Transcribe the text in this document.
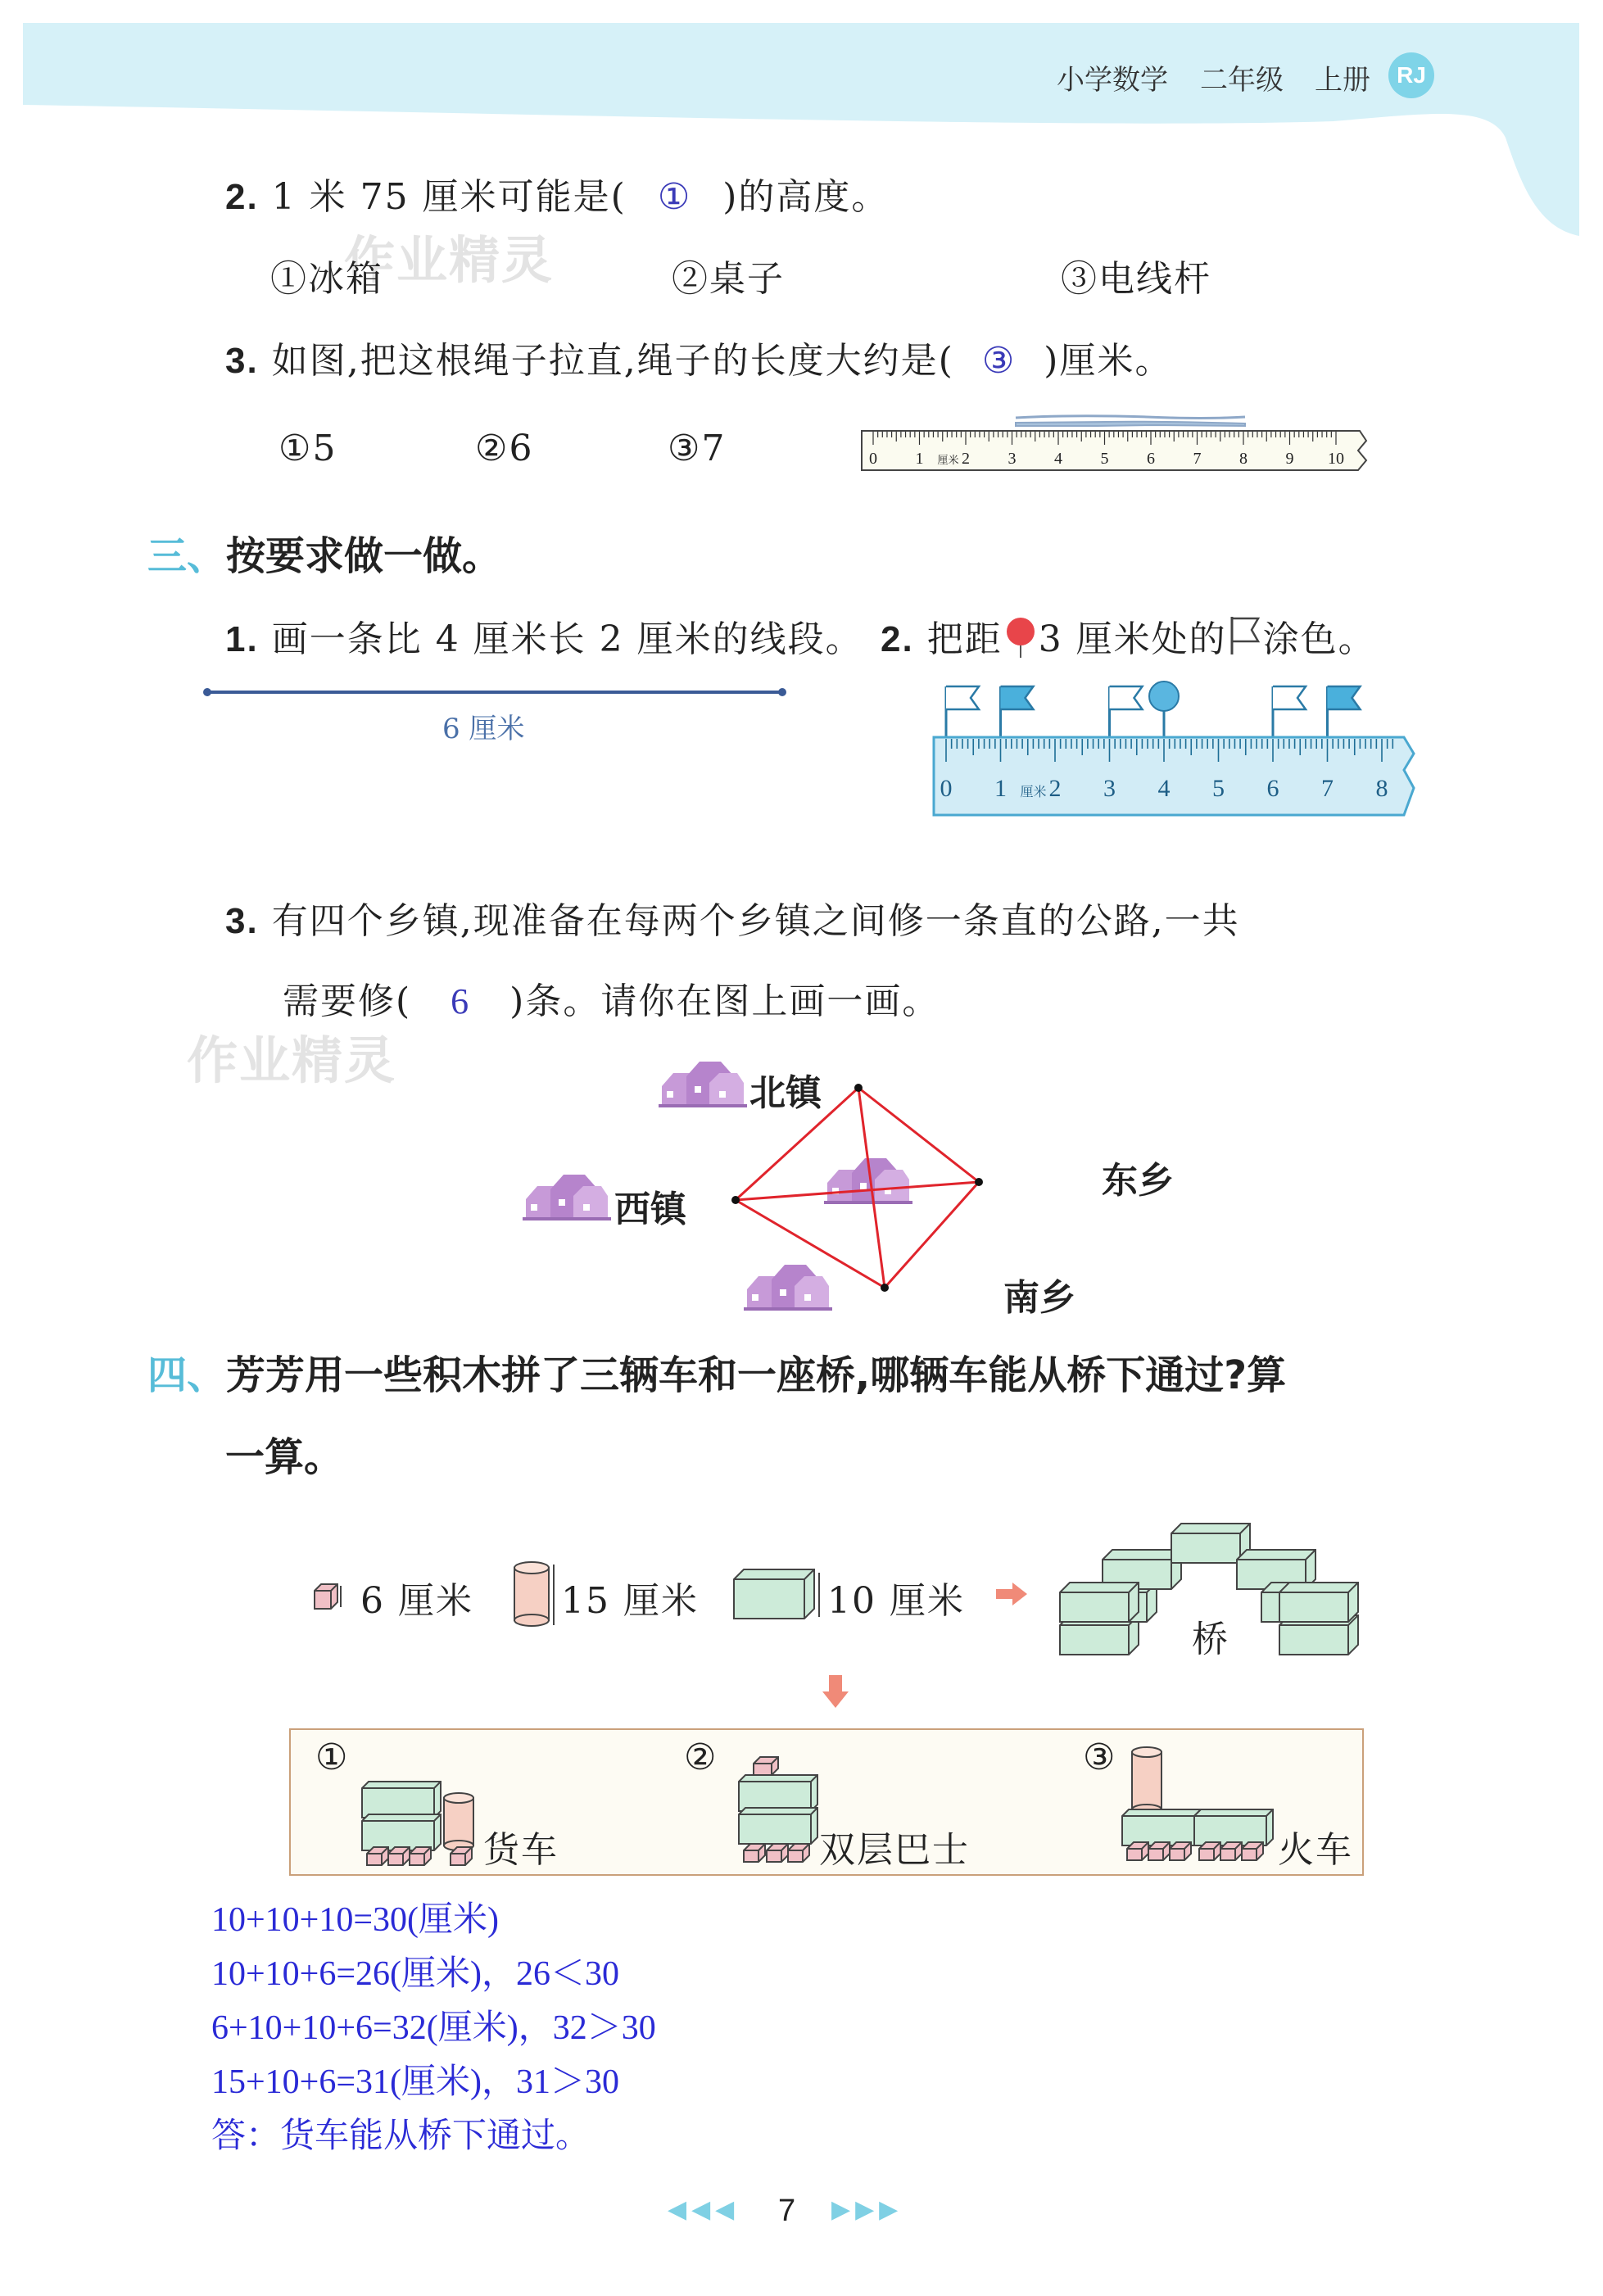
小学数学 二年级 上册	RJ
作业精灵
作业精灵
2. 1 米 75 厘米可能是( ① )的高度。
①冰箱	②桌子	③电线杆
3. 如图,把这根绳子拉直,绳子的长度大约是( ③ )厘米。
①5	②6	③7	0 1 2 3 4 5 6 7 8 9 10
厘米
三、按要求做一做。
1. 画一条比 4 厘米长 2 厘米的线段。 2. 把距 3 厘米处的 涂色。
6 厘米
0 1 2 3 4 5 6 7 8
厘米
3. 有四个乡镇,现准备在每两个乡镇之间修一条直的公路,一共
需要修( 6 )条。请你在图上画一画。
北镇
东乡
西镇
南乡
四、芳芳用一些积木拼了三辆车和一座桥,哪辆车能从桥下通过?算
一算。
6 厘米 15 厘米	10 厘米
桥
①
货车
②
双层巴士
③
火车
10+10+10=30(厘米)
10+10+6=26(厘米)，26＜30
6+10+10+6=32(厘米)，32＞30
15+10+6=31(厘米)，31＞30
答：货车能从桥下通过。
◀◀◀ 7 ▶▶▶
